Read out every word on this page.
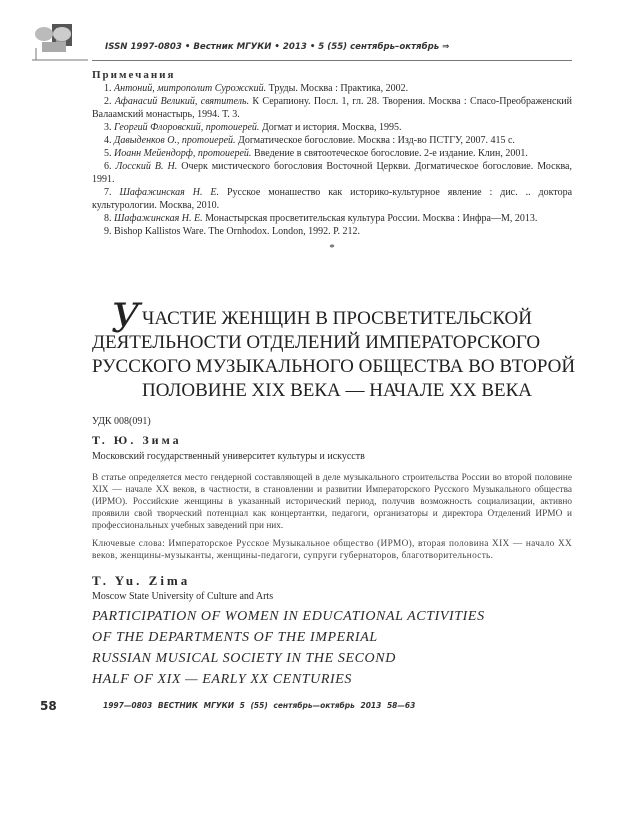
ISSN 1997-0803 • Вестник МГУКИ • 2013 • 5 (55) сентябрь–октябрь ⇒
Примечания

1. Антоний, митрополит Сурожский. Труды. Москва : Практика, 2002.

2. Афанасий Великий, святитель. К Серапиону. Посл. 1, гл. 28. Творения. Москва : Спасо-Преображенский Валаамский монастырь, 1994. Т. 3.

3. Георгий Флоровский, протоиерей. Догмат и история. Москва, 1995.

4. Давыденков О., протоиерей. Догматическое богословие. Москва : Изд-во ПСТГУ, 2007. 415 с.

5. Иоанн Мейендорф, протоиерей. Введение в святоотеческое богословие. 2-е издание. Клин, 2001.

6. Лосский В. Н. Очерк мистического богословия Восточной Церкви. Догматическое богословие. Москва, 1991.

7. Шафажинская Н. Е. Русское монашество как историко-культурное явление : дис. .. доктора культурологии. Москва, 2010.

8. Шафажинская Н. Е. Монастырская просветительская культура России. Москва : Инфра—М, 2013.

9. Bishop Kallistos Ware. The Ornhodox. London, 1992. P. 212.

*
УЧАСТИЕ ЖЕНЩИН В ПРОСВЕТИТЕЛЬСКОЙ
ДЕЯТЕЛЬНОСТИ ОТДЕЛЕНИЙ ИМПЕРАТОРСКОГО
РУССКОГО МУЗЫКАЛЬНОГО ОБЩЕСТВА ВО ВТОРОЙ
ПОЛОВИНЕ XIX ВЕКА — НАЧАЛЕ XX ВЕКА
УДК 008(091)
Т. Ю. Зима
Московский государственный университет культуры и искусств
В статье определяется место гендерной составляющей в деле музыкального строительства России во второй половине XIX — начале XX веков, в частности, в становлении и развитии Императорского Русского Музыкального общества (ИРМО). Российские женщины в указанный исторический период, получив возможность социализации, активно проявили свой творческий потенциал как концертантки, педагоги, организаторы и директора Отделений ИРМО и профессиональных учебных заведений при них.
Ключевые слова: Императорское Русское Музыкальное общество (ИРМО), вторая половина XIX — начало XX веков, женщины-музыканты, женщины-педагоги, супруги губернаторов, благотворительность.
T. Yu. Zima
Moscow State University of Culture and Arts
PARTICIPATION OF WOMEN IN EDUCATIONAL ACTIVITIES
OF THE DEPARTMENTS OF THE IMPERIAL
RUSSIAN MUSICAL SOCIETY IN THE SECOND
HALF OF XIX — EARLY XX CENTURIES
58	1997—0803 ВЕСТНИК МГУКИ 5 (55) сентябрь—октябрь 2013 58—63
